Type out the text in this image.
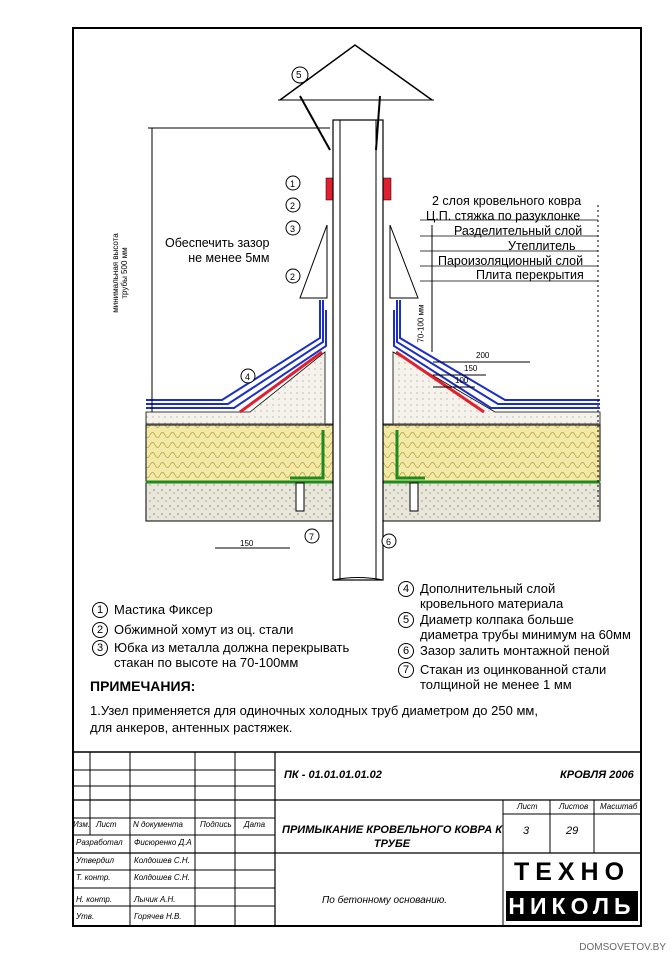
5
1
2
3
2
4
7	6
Обеспечить зазор
не менее 5мм
минимальная высота
трубы 500 мм
70-100 мм
200
150
100
150
2 слоя кровельного ковра
Ц.П. стяжка по разуклонке
Разделительный слой
Утеплитель
Пароизоляционный слой
Плита перекрытия
1 Мастика Фиксер
2 Обжимной хомут из оц. стали
3 Юбка из металла должна перекрывать
стакан по высоте на 70-100мм
4 Дополнительный слой
кровельного материала
5 Диаметр колпака больше
диаметра трубы минимум на 60мм
6 Зазор залить монтажной пеной
7 Стакан из оцинкованной стали
толщиной не менее 1 мм
ПРИМЕЧАНИЯ:
1.Узел применяется для одиночных холодных труб диаметром до 250 мм, для анкеров, антенных растяжек.
ПК - 01.01.01.01.02	КРОВЛЯ 2006
Изм. Лист N документа Подпись Дата
Разработал Фисюренко Д.А
Утвердил Колдошев С.Н.
Т. контр.	Колдошев С.Н.
Н. контр.	Лычик А.Н.
Утв.	Горячев Н.В.
ПРИМЫКАНИЕ КРОВЕЛЬНОГО КОВРА К
ТРУБЕ
По бетонному основанию.
Лист	Листов Масштаб
3	29
ТЕХНО
НИКОЛЬ
DOMSOVETOV.BY
